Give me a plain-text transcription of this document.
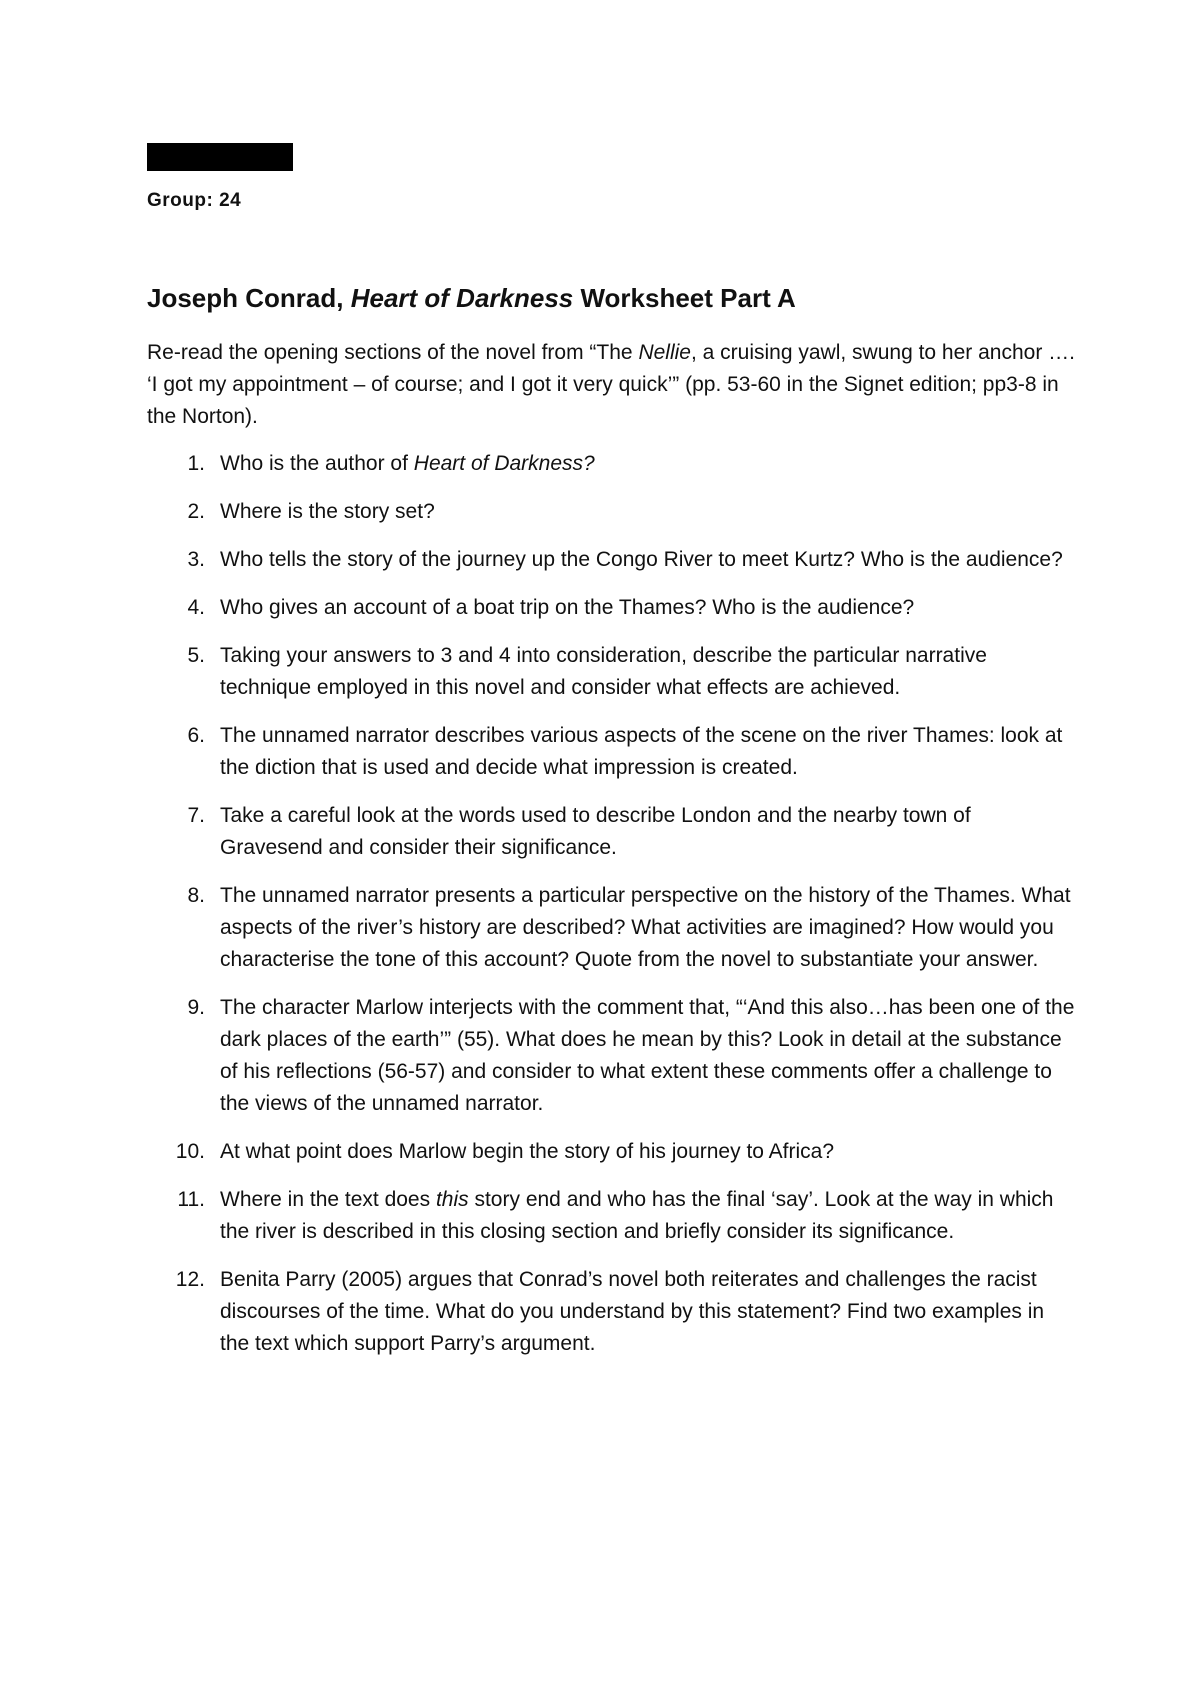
Group: 24
Joseph Conrad, Heart of Darkness Worksheet Part A

Re-read the opening sections of the novel from “The Nellie, a cruising yawl, swung to her anchor …. ‘I got my appointment – of course; and I got it very quick’” (pp. 53-60 in the Signet edition; pp3-8 in the Norton).

1. Who is the author of Heart of Darkness?
2. Where is the story set?
3. Who tells the story of the journey up the Congo River to meet Kurtz? Who is the audience?
4. Who gives an account of a boat trip on the Thames? Who is the audience?
5. Taking your answers to 3 and 4 into consideration, describe the particular narrative technique employed in this novel and consider what effects are achieved.
6. The unnamed narrator describes various aspects of the scene on the river Thames: look at the diction that is used and decide what impression is created.
7. Take a careful look at the words used to describe London and the nearby town of Gravesend and consider their significance.
8. The unnamed narrator presents a particular perspective on the history of the Thames. What aspects of the river’s history are described? What activities are imagined? How would you characterise the tone of this account? Quote from the novel to substantiate your answer.
9. The character Marlow interjects with the comment that, “‘And this also…has been one of the dark places of the earth’” (55). What does he mean by this? Look in detail at the substance of his reflections (56-57) and consider to what extent these comments offer a challenge to the views of the unnamed narrator.
10. At what point does Marlow begin the story of his journey to Africa?
11. Where in the text does this story end and who has the final ‘say’. Look at the way in which the river is described in this closing section and briefly consider its significance.
12. Benita Parry (2005) argues that Conrad’s novel both reiterates and challenges the racist discourses of the time. What do you understand by this statement? Find two examples in the text which support Parry’s argument.
